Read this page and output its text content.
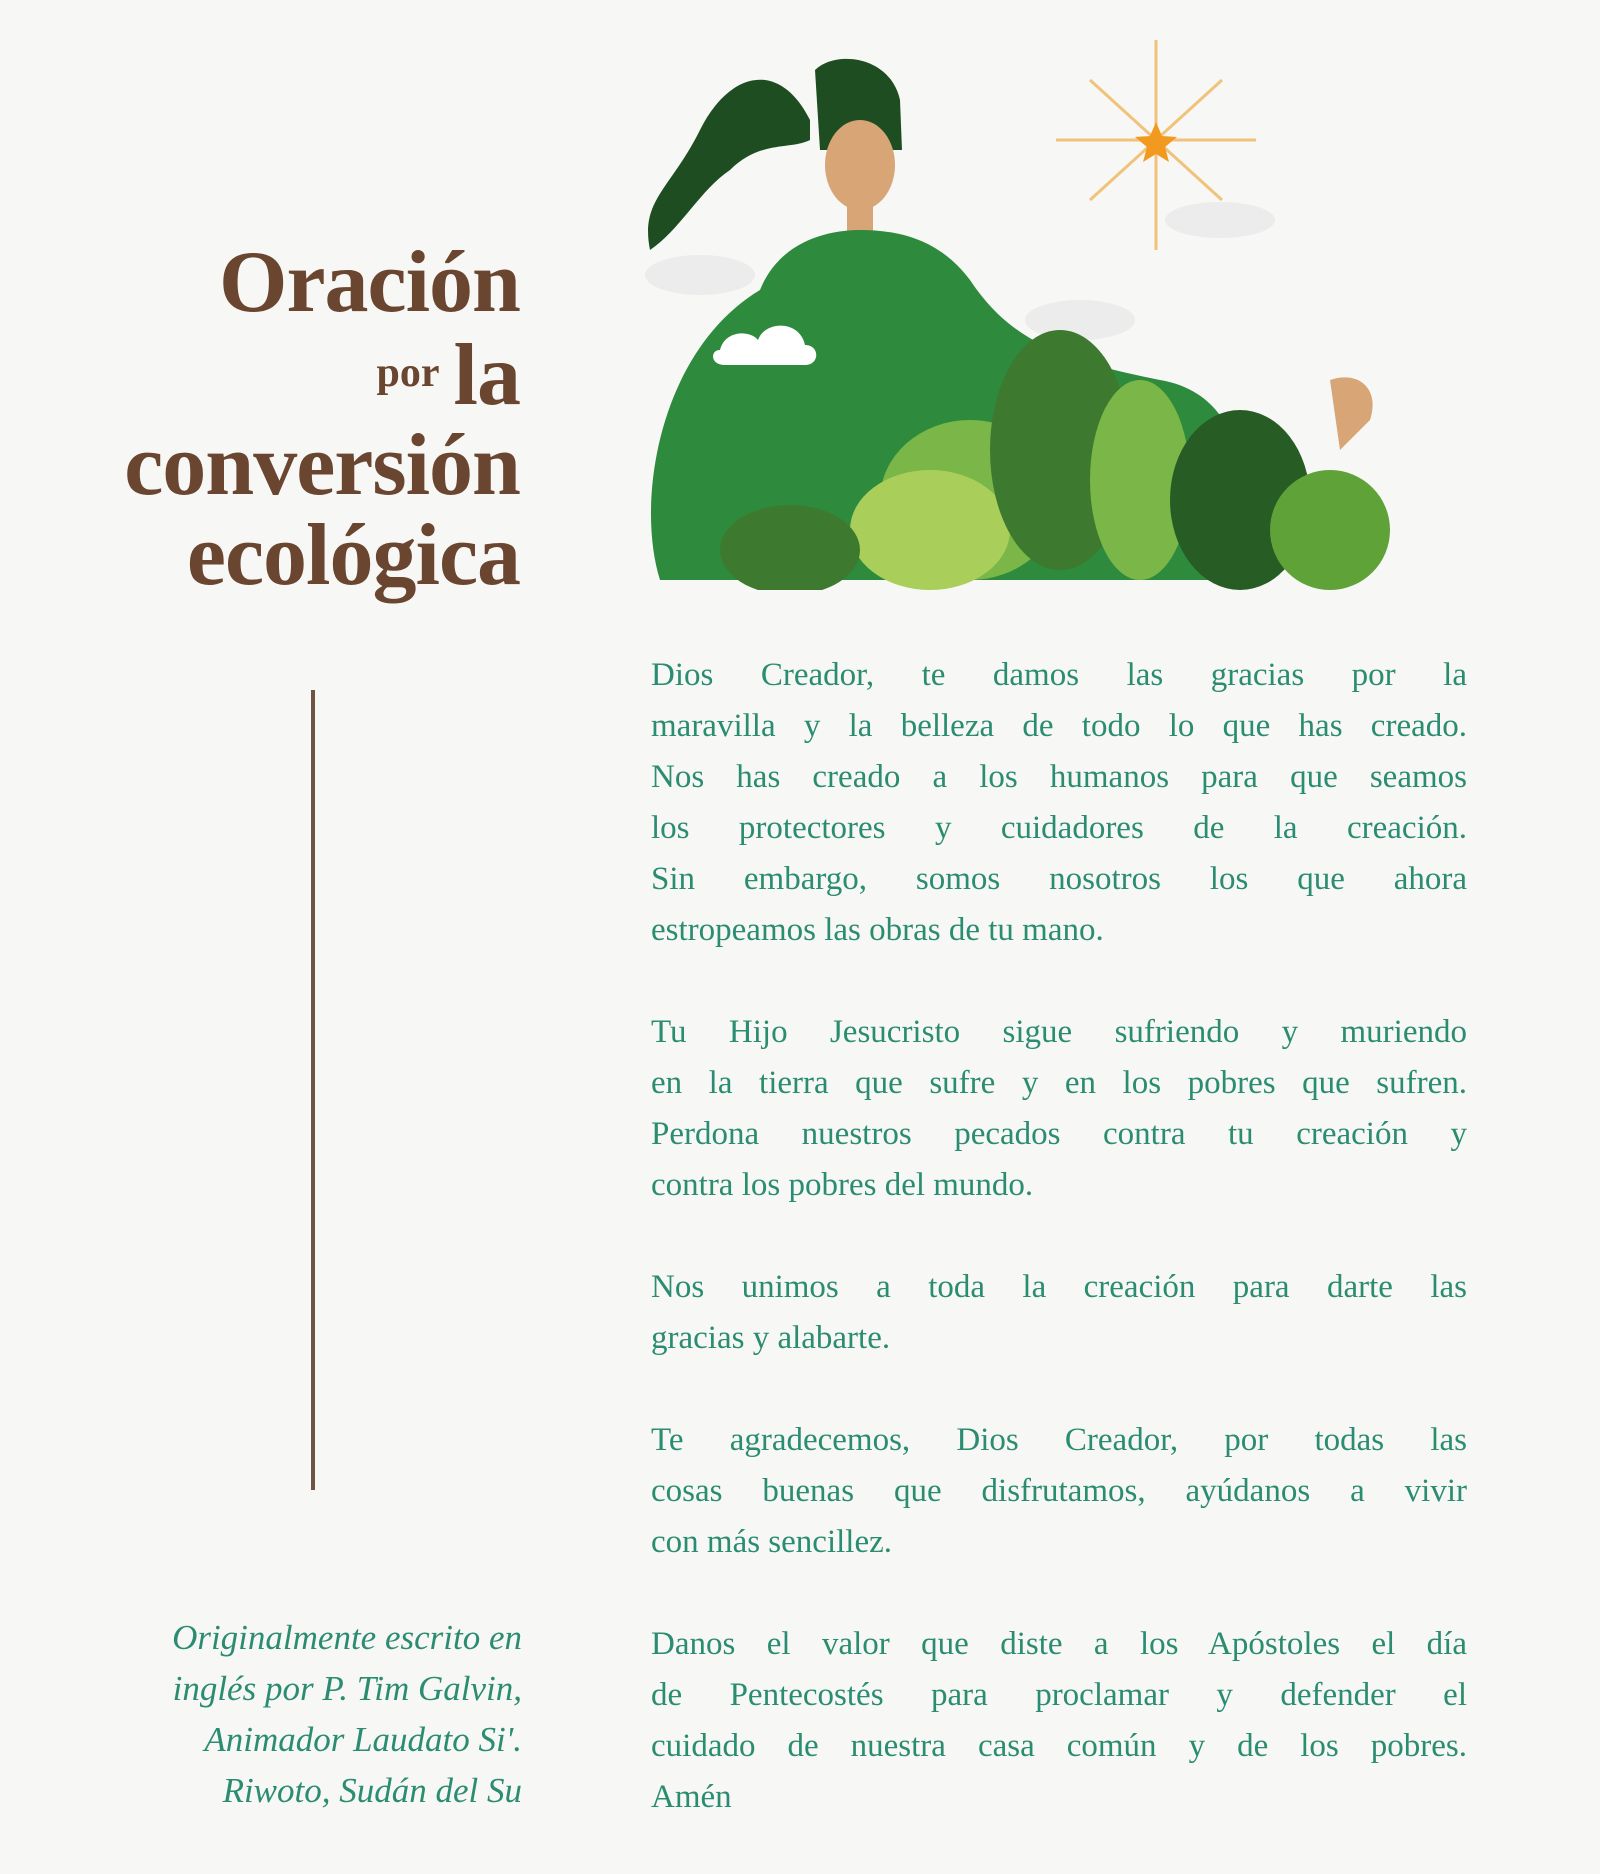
Oración
$^{por}$ la
conversión
ecológica
Originalmente escrito en
inglés por P. Tim Galvin,
Animador Laudato Si'.
Riwoto, Sudán del Su
Dios Creador, te damos las gracias por la
maravilla y la belleza de todo lo que has creado.
Nos has creado a los humanos para que seamos
los protectores y cuidadores de la creación.
Sin embargo, somos nosotros los que ahora
estropeamos las obras de tu mano.
Tu Hijo Jesucristo sigue sufriendo y muriendo
en la tierra que sufre y en los pobres que sufren.
Perdona nuestros pecados contra tu creación y
contra los pobres del mundo.
Nos unimos a toda la creación para darte las
gracias y alabarte.
Te agradecemos, Dios Creador, por todas las
cosas buenas que disfrutamos, ayúdanos a vivir
con más sencillez.
Danos el valor que diste a los Apóstoles el día
de Pentecostés para proclamar y defender el
cuidado de nuestra casa común y de los pobres.
Amén
